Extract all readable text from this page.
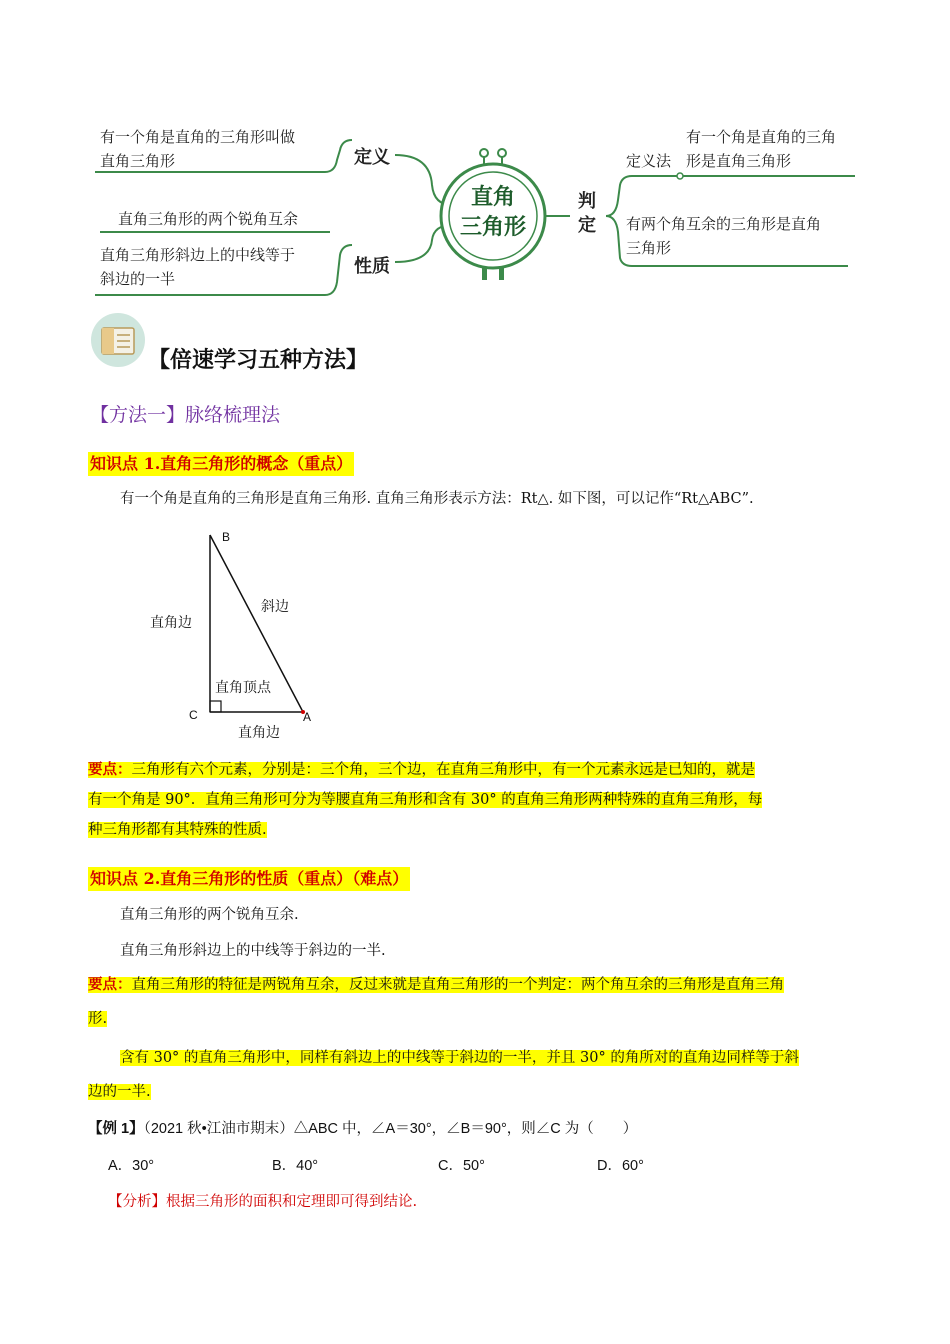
有一个角是直角的三角形叫做
直角三角形	定义
直角三角形的两个锐角互余
直角三角形斜边上的中线等于
斜边的一半
性质
直角
三角形
判定
有一个角是直角的三角
形是直角三角形
定义法
有两个角互余的三角形是直角
三角形
【倍速学习五种方法】
【方法一】脉络梳理法
知识点 1.直角三角形的概念（重点）
有一个角是直角的三角形是直角三角形. 直角三角形表示方法：Rt△. 如下图，可以记作“Rt△ABC”.
B
C	A
直角边
斜边
直角顶点
直角边
要点：三角形有六个元素，分别是：三个角，三个边，在直角三角形中，有一个元素永远是已知的，就是
有一个角是 90°．直角三角形可分为等腰直角三角形和含有 30° 的直角三角形两种特殊的直角三角形，每
种三角形都有其特殊的性质.
知识点 2.直角三角形的性质（重点）（难点）
直角三角形的两个锐角互余.
直角三角形斜边上的中线等于斜边的一半.
要点：直角三角形的特征是两锐角互余，反过来就是直角三角形的一个判定：两个角互余的三角形是直角三角
形.
含有 30° 的直角三角形中，同样有斜边上的中线等于斜边的一半，并且 30° 的角所对的直角边同样等于斜
边的一半.
【例 1】（2021 秋•江油市期末）△ABC 中，∠A＝30°，∠B＝90°，则∠C 为（　　）
A．30°	B．40°	C．50°	D．60°
【分析】根据三角形的面积和定理即可得到结论.
